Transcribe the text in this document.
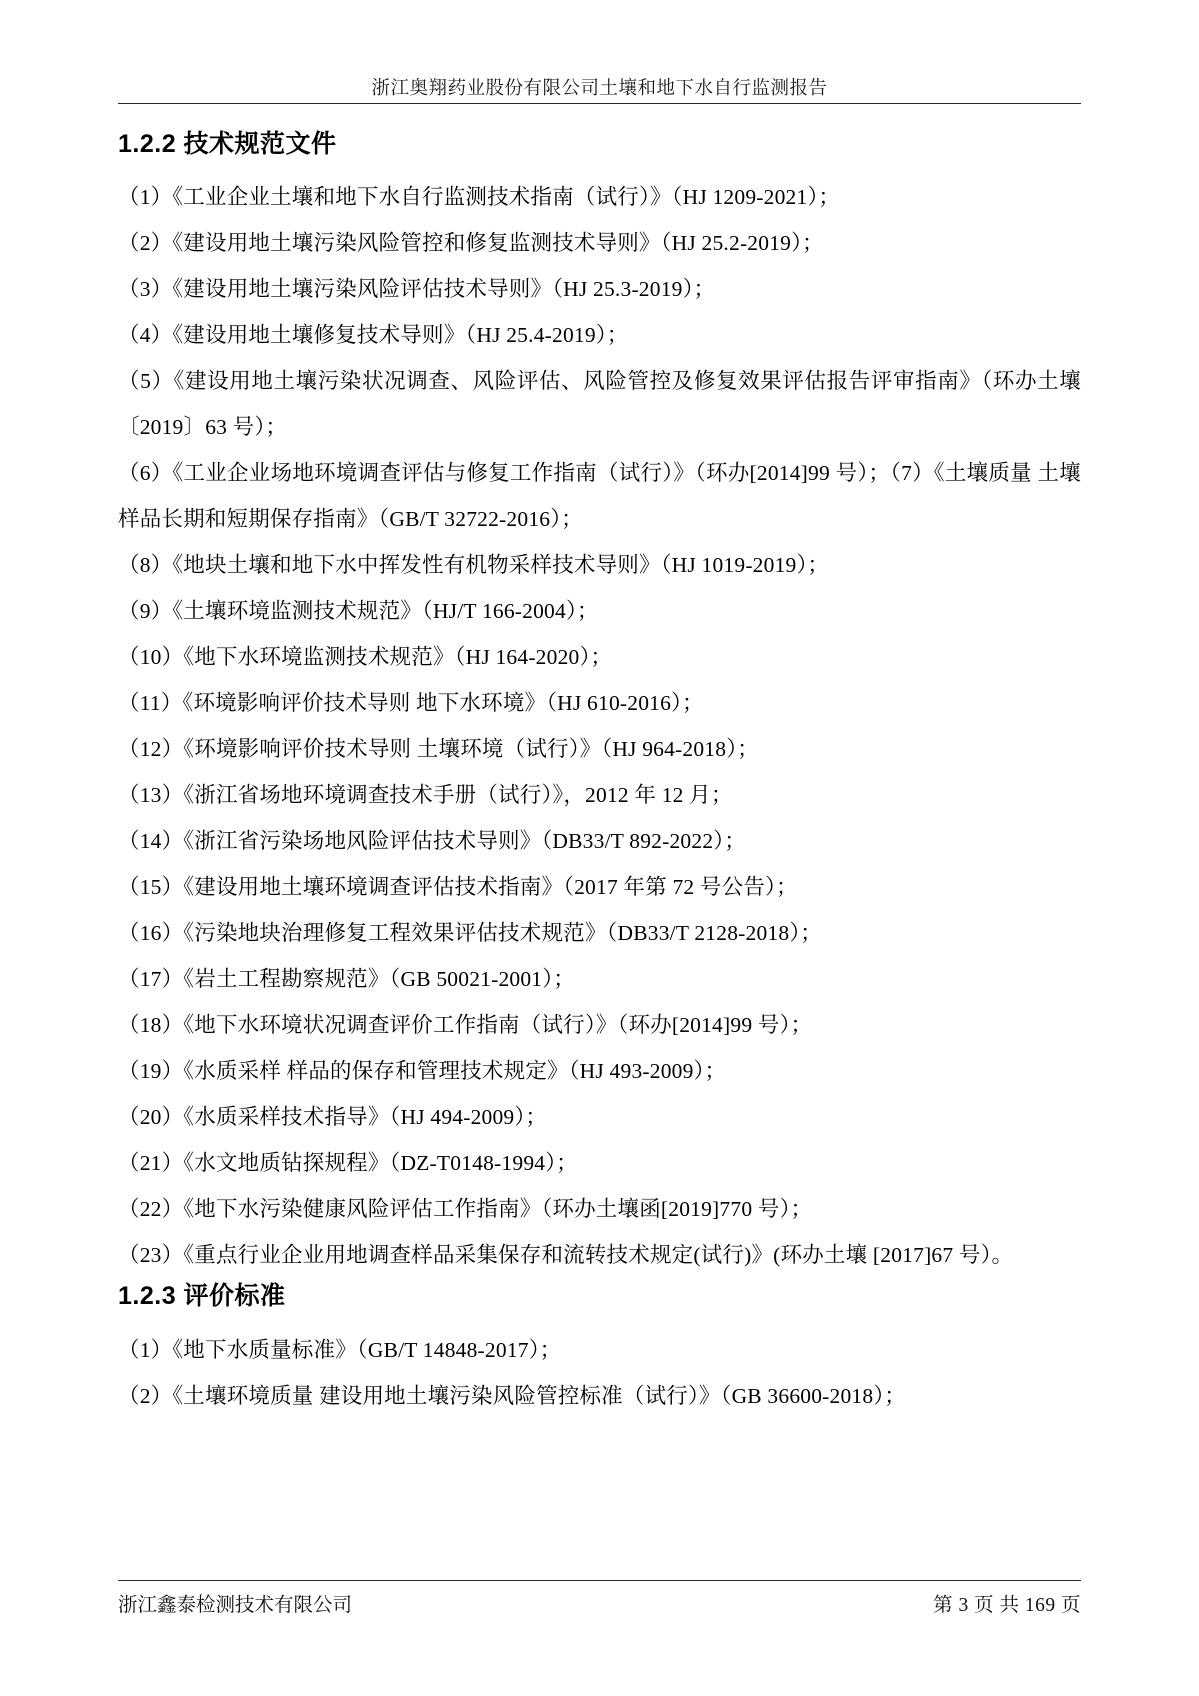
浙江奥翔药业股份有限公司土壤和地下水自行监测报告
1.2.2 技术规范文件

（1）《工业企业土壤和地下水自行监测技术指南（试行）》（HJ 1209-2021）；

（2）《建设用地土壤污染风险管控和修复监测技术导则》（HJ 25.2-2019）；

（3）《建设用地土壤污染风险评估技术导则》（HJ 25.3-2019）；

（4）《建设用地土壤修复技术导则》（HJ 25.4-2019）；

（5）《建设用地土壤污染状况调查、风险评估、风险管控及修复效果评估报告评审指南》（环办土壤〔2019〕63 号）；

（6）《工业企业场地环境调查评估与修复工作指南（试行）》（环办[2014]99 号）；（7）《土壤质量 土壤样品长期和短期保存指南》（GB/T 32722-2016）；

（8）《地块土壤和地下水中挥发性有机物采样技术导则》（HJ 1019-2019）；

（9）《土壤环境监测技术规范》（HJ/T 166-2004）；

（10）《地下水环境监测技术规范》（HJ 164-2020）；

（11）《环境影响评价技术导则 地下水环境》（HJ 610-2016）；

（12）《环境影响评价技术导则 土壤环境（试行）》（HJ 964-2018）；

（13）《浙江省场地环境调查技术手册（试行）》，2012 年 12 月；

（14）《浙江省污染场地风险评估技术导则》（DB33/T 892-2022）；

（15）《建设用地土壤环境调查评估技术指南》（2017 年第 72 号公告）；

（16）《污染地块治理修复工程效果评估技术规范》（DB33/T 2128-2018）；

（17）《岩土工程勘察规范》（GB 50021-2001）；

（18）《地下水环境状况调查评价工作指南（试行）》（环办[2014]99 号）；

（19）《水质采样 样品的保存和管理技术规定》（HJ 493-2009）；

（20）《水质采样技术指导》（HJ 494-2009）；

（21）《水文地质钻探规程》（DZ-T0148-1994）；

（22）《地下水污染健康风险评估工作指南》（环办土壤函[2019]770 号）；

（23）《重点行业企业用地调查样品采集保存和流转技术规定(试行)》(环办土壤 [2017]67 号）。

1.2.3 评价标准

（1）《地下水质量标准》（GB/T 14848-2017）；

（2）《土壤环境质量 建设用地土壤污染风险管控标准（试行）》（GB 36600-2018）；

浙江鑫泰检测技术有限公司	第 3 页 共 169 页
